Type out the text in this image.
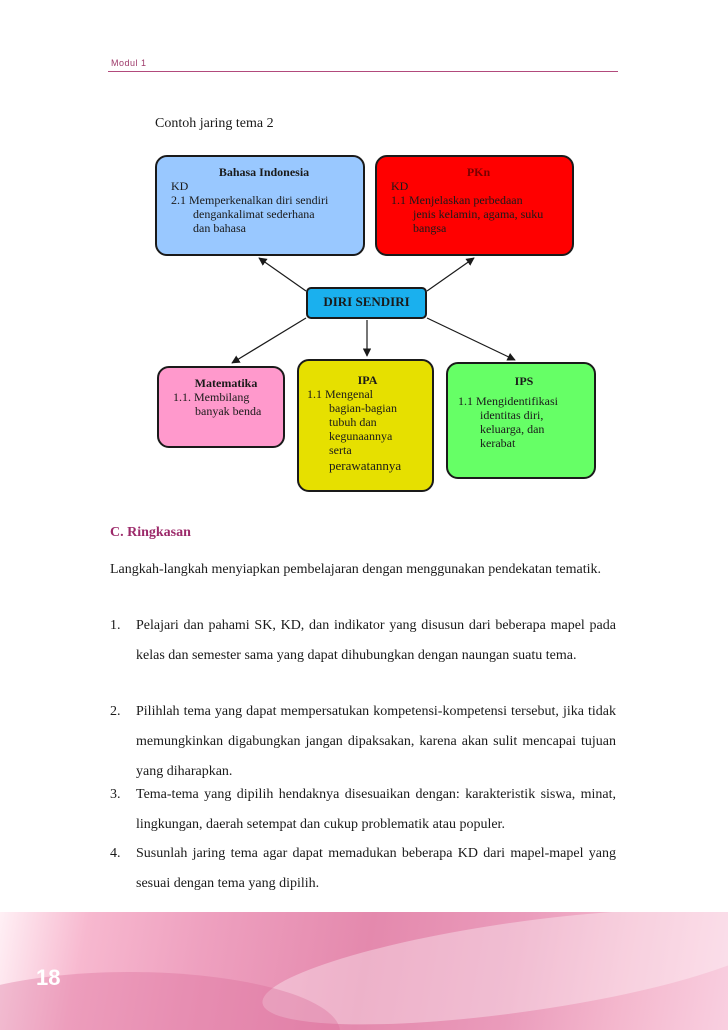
Modul 1
Contoh jaring tema 2
Bahasa Indonesia
KD
2.1 Memperkenalkan diri sendiri
dengankalimat sederhana
dan bahasa
PKn
KD
1.1 Menjelaskan perbedaan
jenis kelamin, agama, suku
bangsa
DIRI SENDIRI
Matematika
1.1. Membilang
banyak benda
IPA
1.1 Mengenal
bagian-bagian
tubuh dan
kegunaannya
serta
perawatannya
IPS
1.1 Mengidentifikasi
identitas diri,
keluarga, dan
kerabat
C. Ringkasan
Langkah-langkah menyiapkan pembelajaran dengan menggunakan pendekatan tematik.
1. Pelajari dan pahami SK, KD, dan indikator yang disusun dari beberapa mapel pada kelas dan semester sama yang dapat dihubungkan dengan naungan suatu tema.
2. Pilihlah tema yang dapat mempersatukan kompetensi-kompetensi tersebut, jika tidak memungkinkan digabungkan jangan dipaksakan, karena akan sulit mencapai tujuan yang diharapkan.
3. Tema-tema yang dipilih hendaknya disesuaikan dengan: karakteristik siswa, minat, lingkungan, daerah setempat dan cukup problematik atau populer.
4. Susunlah jaring tema agar dapat memadukan beberapa KD dari mapel-mapel yang sesuai dengan tema yang dipilih.
18
